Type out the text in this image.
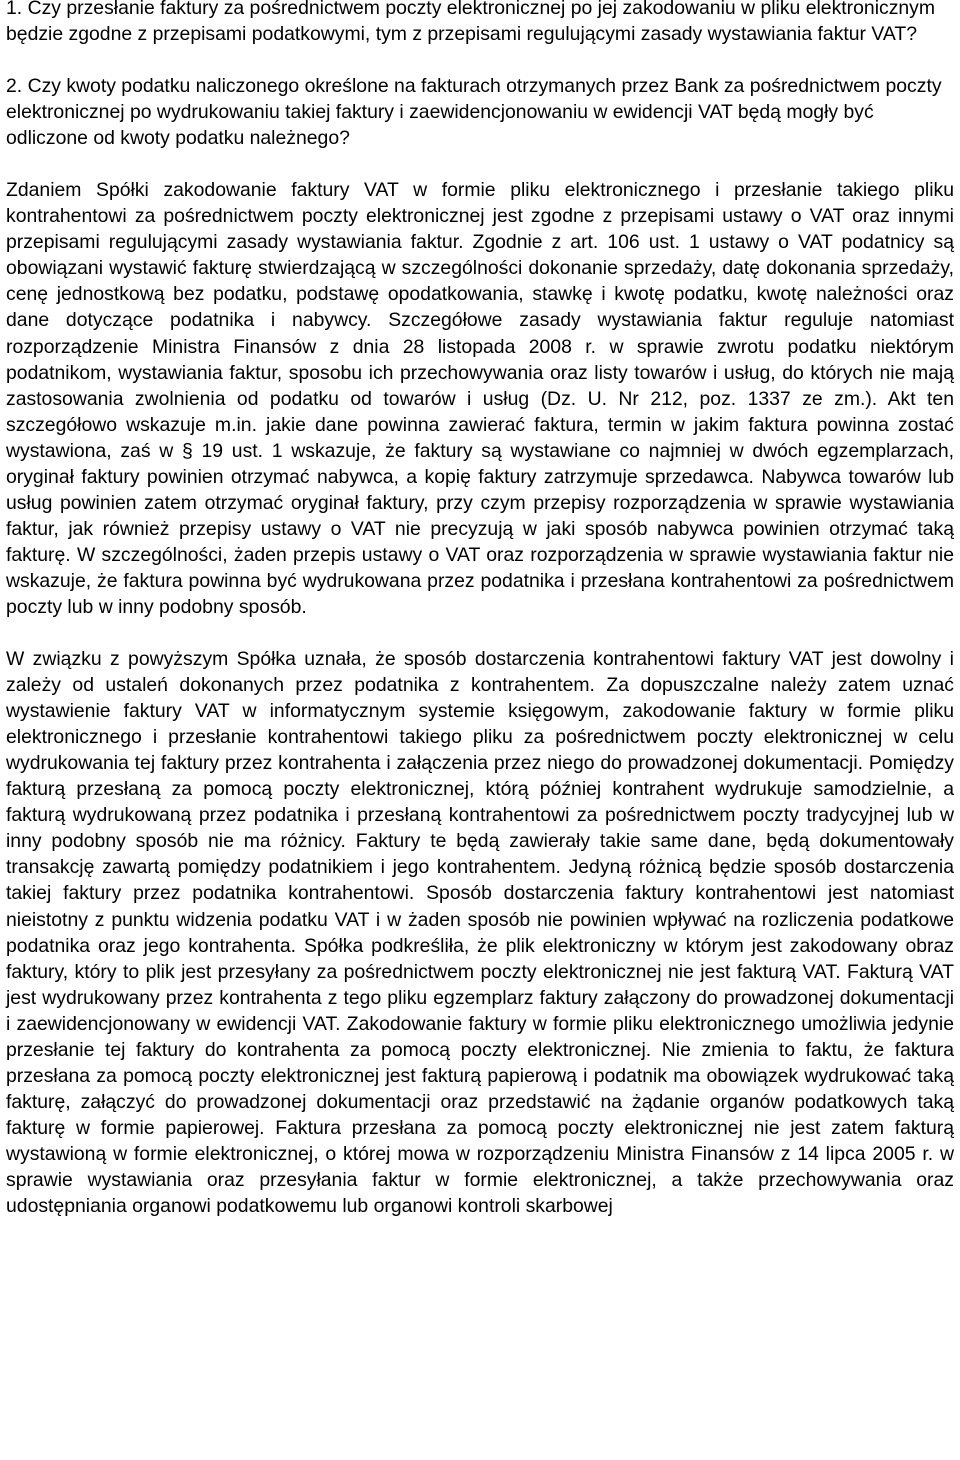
1. Czy przesłanie faktury za pośrednictwem poczty elektronicznej po jej zakodowaniu w pliku elektronicznym będzie zgodne z przepisami podatkowymi, tym z przepisami regulującymi zasady wystawiania faktur VAT?

2. Czy kwoty podatku naliczonego określone na fakturach otrzymanych przez Bank za pośrednictwem poczty elektronicznej po wydrukowaniu takiej faktury i zaewidencjonowaniu w ewidencji VAT będą mogły być odliczone od kwoty podatku należnego?

Zdaniem Spółki zakodowanie faktury VAT w formie pliku elektronicznego i przesłanie takiego pliku kontrahentowi za pośrednictwem poczty elektronicznej jest zgodne z przepisami ustawy o VAT oraz innymi przepisami regulującymi zasady wystawiania faktur. Zgodnie z art. 106 ust. 1 ustawy o VAT podatnicy są obowiązani wystawić fakturę stwierdzającą w szczególności dokonanie sprzedaży, datę dokonania sprzedaży, cenę jednostkową bez podatku, podstawę opodatkowania, stawkę i kwotę podatku, kwotę należności oraz dane dotyczące podatnika i nabywcy. Szczegółowe zasady wystawiania faktur reguluje natomiast rozporządzenie Ministra Finansów z dnia 28 listopada 2008 r. w sprawie zwrotu podatku niektórym podatnikom, wystawiania faktur, sposobu ich przechowywania oraz listy towarów i usług, do których nie mają zastosowania zwolnienia od podatku od towarów i usług (Dz. U. Nr 212, poz. 1337 ze zm.). Akt ten szczegółowo wskazuje m.in. jakie dane powinna zawierać faktura, termin w jakim faktura powinna zostać wystawiona, zaś w § 19 ust. 1 wskazuje, że faktury są wystawiane co najmniej w dwóch egzemplarzach, oryginał faktury powinien otrzymać nabywca, a kopię faktury zatrzymuje sprzedawca. Nabywca towarów lub usług powinien zatem otrzymać oryginał faktury, przy czym przepisy rozporządzenia w sprawie wystawiania faktur, jak również przepisy ustawy o VAT nie precyzują w jaki sposób nabywca powinien otrzymać taką fakturę. W szczególności, żaden przepis ustawy o VAT oraz rozporządzenia w sprawie wystawiania faktur nie wskazuje, że faktura powinna być wydrukowana przez podatnika i przesłana kontrahentowi za pośrednictwem poczty lub w inny podobny sposób.

W związku z powyższym Spółka uznała, że sposób dostarczenia kontrahentowi faktury VAT jest dowolny i zależy od ustaleń dokonanych przez podatnika z kontrahentem. Za dopuszczalne należy zatem uznać wystawienie faktury VAT w informatycznym systemie księgowym, zakodowanie faktury w formie pliku elektronicznego i przesłanie kontrahentowi takiego pliku za pośrednictwem poczty elektronicznej w celu wydrukowania tej faktury przez kontrahenta i załączenia przez niego do prowadzonej dokumentacji. Pomiędzy fakturą przesłaną za pomocą poczty elektronicznej, którą później kontrahent wydrukuje samodzielnie, a fakturą wydrukowaną przez podatnika i przesłaną kontrahentowi za pośrednictwem poczty tradycyjnej lub w inny podobny sposób nie ma różnicy. Faktury te będą zawierały takie same dane, będą dokumentowały transakcję zawartą pomiędzy podatnikiem i jego kontrahentem. Jedyną różnicą będzie sposób dostarczenia takiej faktury przez podatnika kontrahentowi. Sposób dostarczenia faktury kontrahentowi jest natomiast nieistotny z punktu widzenia podatku VAT i w żaden sposób nie powinien wpływać na rozliczenia podatkowe podatnika oraz jego kontrahenta. Spółka podkreśliła, że plik elektroniczny w którym jest zakodowany obraz faktury, który to plik jest przesyłany za pośrednictwem poczty elektronicznej nie jest fakturą VAT. Fakturą VAT jest wydrukowany przez kontrahenta z tego pliku egzemplarz faktury załączony do prowadzonej dokumentacji i zaewidencjonowany w ewidencji VAT. Zakodowanie faktury w formie pliku elektronicznego umożliwia jedynie przesłanie tej faktury do kontrahenta za pomocą poczty elektronicznej. Nie zmienia to faktu, że faktura przesłana za pomocą poczty elektronicznej jest fakturą papierową i podatnik ma obowiązek wydrukować taką fakturę, załączyć do prowadzonej dokumentacji oraz przedstawić na żądanie organów podatkowych taką fakturę w formie papierowej. Faktura przesłana za pomocą poczty elektronicznej nie jest zatem fakturą wystawioną w formie elektronicznej, o której mowa w rozporządzeniu Ministra Finansów z 14 lipca 2005 r. w sprawie wystawiania oraz przesyłania faktur w formie elektronicznej, a także przechowywania oraz udostępniania organowi podatkowemu lub organowi kontroli skarbowej
